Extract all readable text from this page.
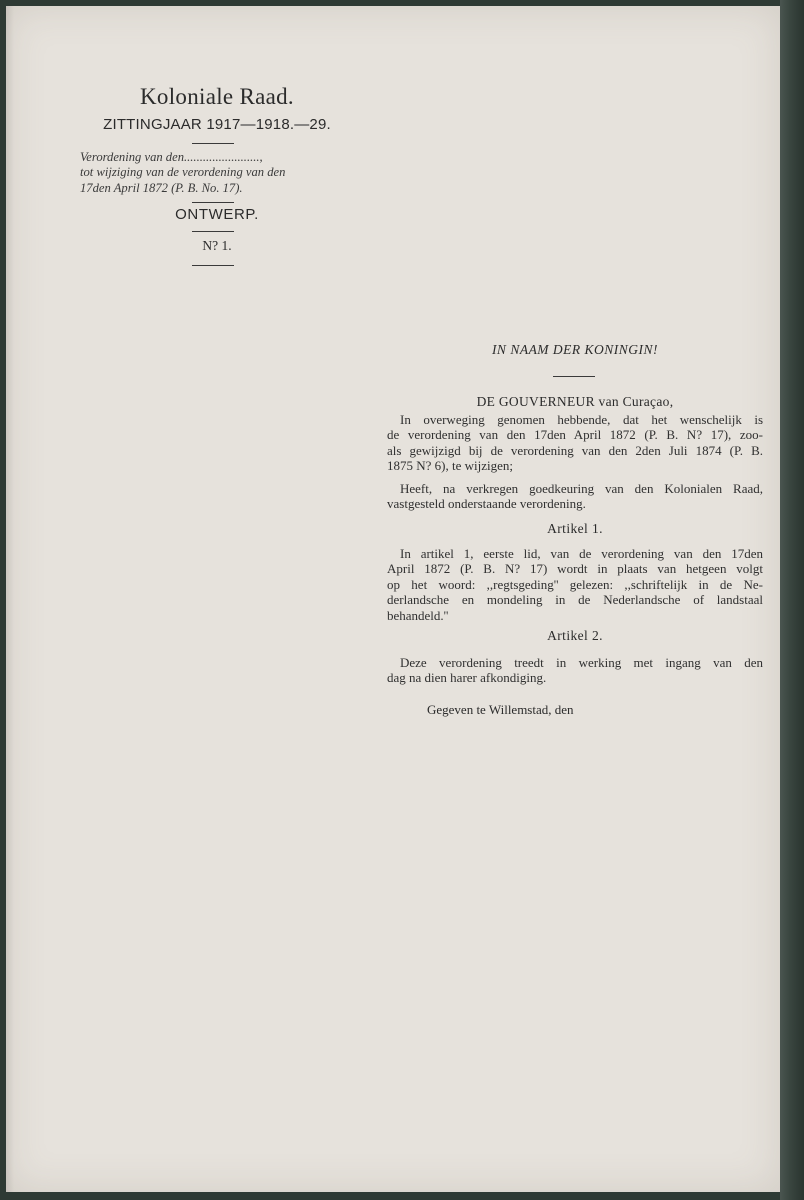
Koloniale Raad.
ZITTINGJAAR 1917—1918.—29.
Verordening van den........................,
tot wijziging van de verordening van den
17den April 1872 (P. B. No. 17).
ONTWERP.
N? 1.
IN NAAM DER KONINGIN!
DE GOUVERNEUR van Curaçao,
In overweging genomen hebbende, dat het wenschelijk is
de verordening van den 17den April 1872 (P. B. N? 17), zoo-
als gewijzigd bij de verordening van den 2den Juli 1874 (P. B.
1875 N? 6), te wijzigen;
Heeft, na verkregen goedkeuring van den Kolonialen Raad,
vastgesteld onderstaande verordening.
Artikel 1.
In artikel 1, eerste lid, van de verordening van den 17den
April 1872 (P. B. N? 17) wordt in plaats van hetgeen volgt
op het woord: ,,regtsgeding'' gelezen: ,,schriftelijk in de Ne-
derlandsche en mondeling in de Nederlandsche of landstaal
behandeld.''
Artikel 2.
Deze verordening treedt in werking met ingang van den
dag na dien harer afkondiging.
Gegeven te Willemstad, den
